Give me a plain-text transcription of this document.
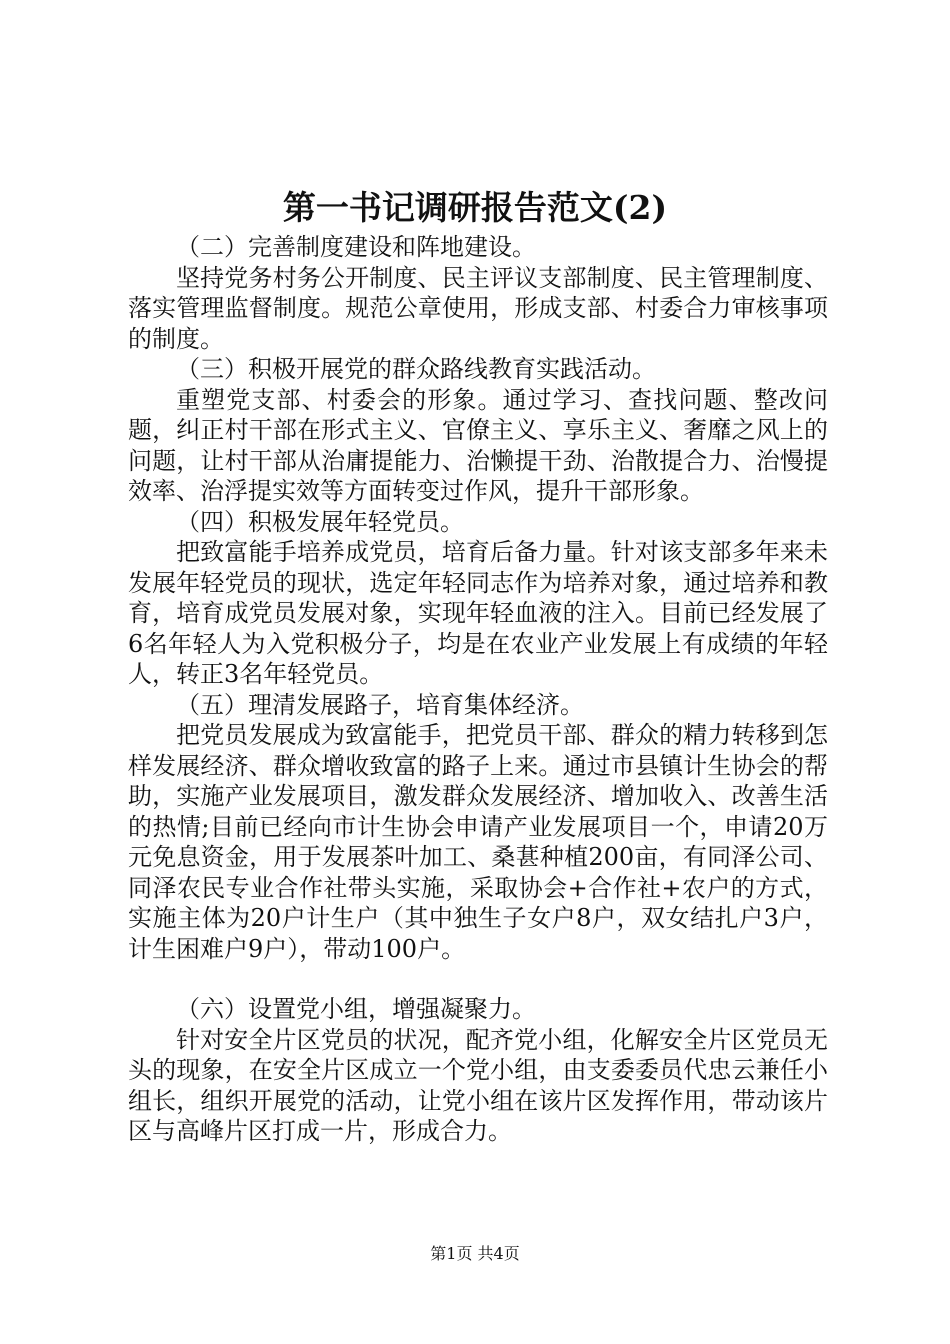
第一书记调研报告范文(2)

（二）完善制度建设和阵地建设。

坚持党务村务公开制度、民主评议支部制度、民主管理制度、落实管理监督制度。规范公章使用，形成支部、村委合力审核事项的制度。

（三）积极开展党的群众路线教育实践活动。

重塑党支部、村委会的形象。通过学习、查找问题、整改问题，纠正村干部在形式主义、官僚主义、享乐主义、奢靡之风上的问题，让村干部从治庸提能力、治懒提干劲、治散提合力、治慢提效率、治浮提实效等方面转变过作风，提升干部形象。

（四）积极发展年轻党员。

把致富能手培养成党员，培育后备力量。针对该支部多年来未发展年轻党员的现状，选定年轻同志作为培养对象，通过培养和教育，培育成党员发展对象，实现年轻血液的注入。目前已经发展了6名年轻人为入党积极分子，均是在农业产业发展上有成绩的年轻人，转正3名年轻党员。

（五）理清发展路子，培育集体经济。

把党员发展成为致富能手，把党员干部、群众的精力转移到怎样发展经济、群众增收致富的路子上来。通过市县镇计生协会的帮助，实施产业发展项目，激发群众发展经济、增加收入、改善生活的热情;目前已经向市计生协会申请产业发展项目一个，申请20万元免息资金，用于发展茶叶加工、桑葚种植200亩，有同泽公司、同泽农民专业合作社带头实施，采取协会+合作社+农户的方式，实施主体为20户计生户（其中独生子女户8户，双女结扎户3户，计生困难户9户），带动100户。

（六）设置党小组，增强凝聚力。

针对安全片区党员的状况，配齐党小组，化解安全片区党员无头的现象，在安全片区成立一个党小组，由支委委员代忠云兼任小组长，组织开展党的活动，让党小组在该片区发挥作用，带动该片区与高峰片区打成一片，形成合力。

第1页 共4页
